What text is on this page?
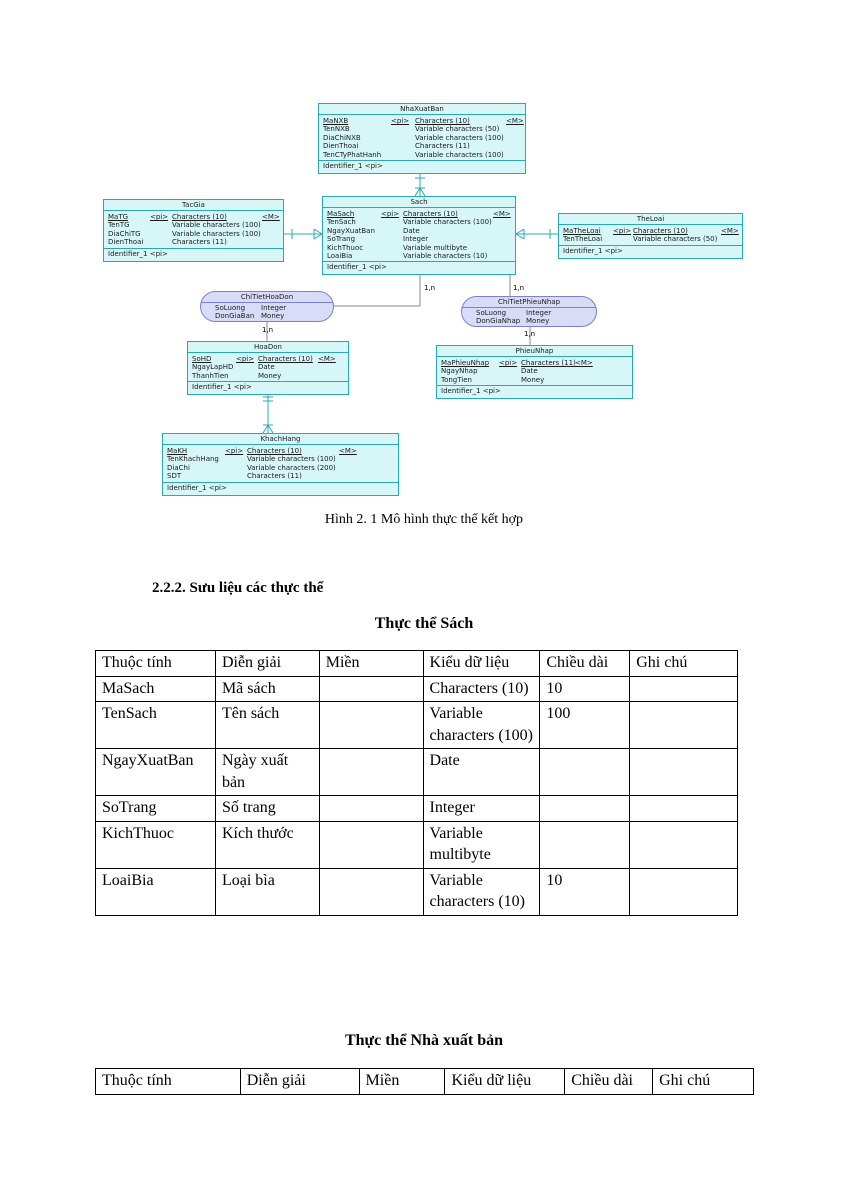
1,n	1,n
1,n	1,n
NhaXuatBan
MaNXB	<pi> Characters (10)	<M>
TenNXB	Variable characters (50)
DiaChiNXB	Variable characters (100)
DienThoai	Characters (11)
TenCTyPhatHanh	Variable characters (100)
Identifier_1 <pi>
TacGia
MaTG	<pi> Characters (10)	<M>
TenTG	Variable characters (100)
DiaChiTG	Variable characters (100)
DienThoai	Characters (11)
Identifier_1 <pi>
Sach
MaSach	<pi> Characters (10)	<M>
TenSach	Variable characters (100)
NgayXuatBan	Date
SoTrang	Integer
KichThuoc	Variable multibyte
LoaiBia	Variable characters (10)
Identifier_1 <pi>
TheLoai
MaTheLoai <pi> Characters (10)	<M>
TenTheLoai	Variable characters (50)
Identifier_1 <pi>
ChiTietHoaDon
SoLuong Integer
DonGiaBan Money
ChiTietPhieuNhap
SoLuong	Integer
DonGiaNhap Money
HoaDon
SoHD	<pi> Characters (10) <M>
NgayLapHD	Date
ThanhTien	Money
Identifier_1 <pi>
PhieuNhap
MaPhieuNhap <pi> Characters (11) <M>
NgayNhap	Date
TongTien	Money
Identifier_1 <pi>
KhachHang
MaKH	<pi> Characters (10)	<M>
TenKhachHang	Variable characters (100)
DiaChi	Variable characters (200)
SDT	Characters (11)
Identifier_1 <pi>
Hình 2. 1 Mô hình thực thể kết hợp
2.2.2. Sưu liệu các thực thể
Thực thể Sách
Thuộc tính	Diễn giải	Miền	Kiểu dữ liệu	Chiều dài	Ghi chú
MaSach	Mã sách		Characters (10)	10	
TenSach	Tên sách		Variable characters (100)	100	
NgayXuatBan	Ngày xuất bản		Date		
SoTrang	Số trang		Integer		
KichThuoc	Kích thước		Variable multibyte		
LoaiBia	Loại bìa		Variable characters (10)	10	
Thực thể Nhà xuất bản
Thuộc tính	Diễn giải	Miền	Kiểu dữ liệu	Chiều dài	Ghi chú
